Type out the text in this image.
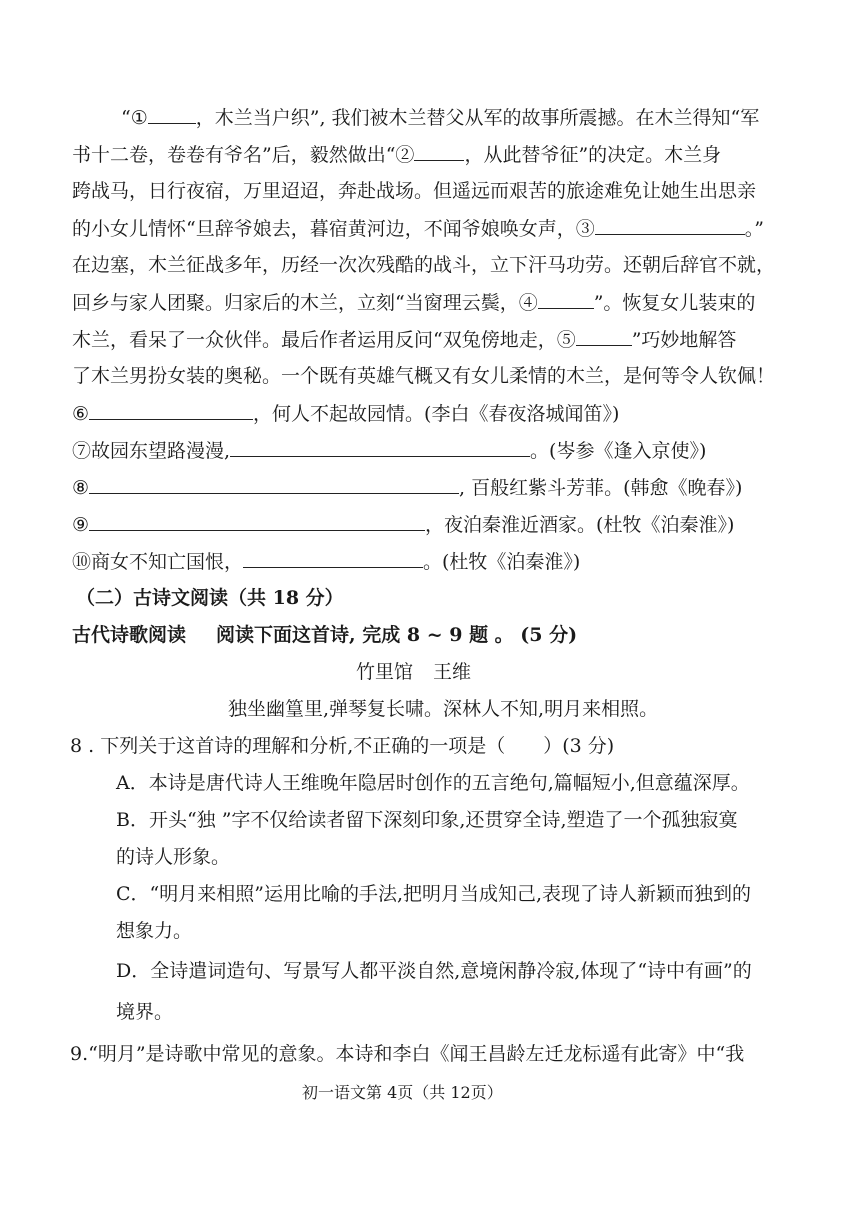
“①	，木兰当户织”, 我们被木兰替父从军的故事所震撼。在木兰得知“军
书十二卷，卷卷有爷名”后，毅然做出“②	，从此替爷征”的决定。木兰身
跨战马，日行夜宿，万里迢迢，奔赴战场。但遥远而艰苦的旅途难免让她生出思亲
的小女儿情怀“旦辞爷娘去，暮宿黄河边，不闻爷娘唤女声，③	。”
在边塞，木兰征战多年，历经一次次残酷的战斗，立下汗马功劳。还朝后辞官不就，
回乡与家人团聚。归家后的木兰，立刻“当窗理云鬓，④	”。恢复女儿装束的
木兰，看呆了一众伙伴。最后作者运用反问“双兔傍地走，⑤	”巧妙地解答
了木兰男扮女装的奥秘。一个既有英雄气概又有女儿柔情的木兰，是何等令人钦佩！
⑥	，何人不起故园情。(李白《春夜洛城闻笛》)
⑦故园东望路漫漫,	。(岑参《逢入京使》)
⑧	, 百般红紫斗芳菲。(韩愈《晚春》)
⑨	，夜泊秦淮近酒家。(杜牧《泊秦淮》)
⑩商女不知亡国恨，	。(杜牧《泊秦淮》)
（二）古诗文阅读（共 18 分）
古代诗歌阅读 阅读下面这首诗, 完成 8 ~ 9 题 。 (5 分)
竹里馆 王维
独坐幽篁里,弹琴复长啸。深林人不知,明月来相照。
8 . 下列关于这首诗的理解和分析,不正确的一项是（　　）(3 分)
A．本诗是唐代诗人王维晚年隐居时创作的五言绝句,篇幅短小,但意蕴深厚。
B．开头“独 ”字不仅给读者留下深刻印象,还贯穿全诗,塑造了一个孤独寂寞
的诗人形象。
C．“明月来相照”运用比喻的手法,把明月当成知己,表现了诗人新颖而独到的
想象力。
D．全诗遣词造句、写景写人都平淡自然,意境闲静冷寂,体现了“诗中有画”的
境界。
9.“明月”是诗歌中常见的意象。本诗和李白《闻王昌龄左迁龙标遥有此寄》中“我
初一语文第 4页（共 12页）
